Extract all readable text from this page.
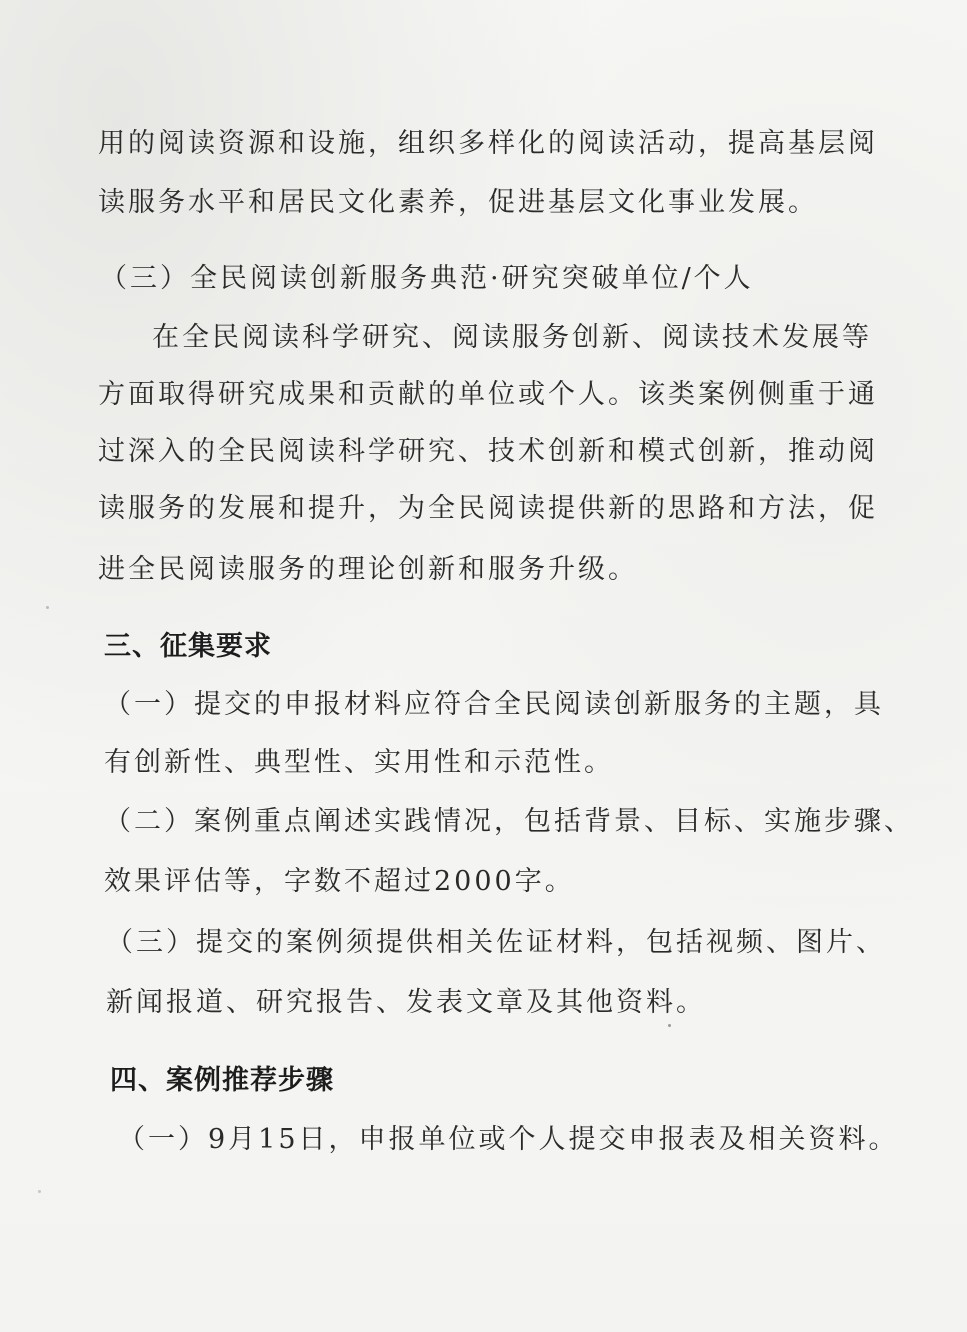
用的阅读资源和设施，组织多样化的阅读活动，提高基层阅
读服务水平和居民文化素养，促进基层文化事业发展。
（三）全民阅读创新服务典范·研究突破单位/个人
在全民阅读科学研究、阅读服务创新、阅读技术发展等
方面取得研究成果和贡献的单位或个人。该类案例侧重于通
过深入的全民阅读科学研究、技术创新和模式创新，推动阅
读服务的发展和提升，为全民阅读提供新的思路和方法，促
进全民阅读服务的理论创新和服务升级。
三、征集要求
（一）提交的申报材料应符合全民阅读创新服务的主题，具
有创新性、典型性、实用性和示范性。
（二）案例重点阐述实践情况，包括背景、目标、实施步骤、
效果评估等，字数不超过2000字。
（三）提交的案例须提供相关佐证材料，包括视频、图片、
新闻报道、研究报告、发表文章及其他资料。
四、案例推荐步骤
（一）9月15日，申报单位或个人提交申报表及相关资料。
